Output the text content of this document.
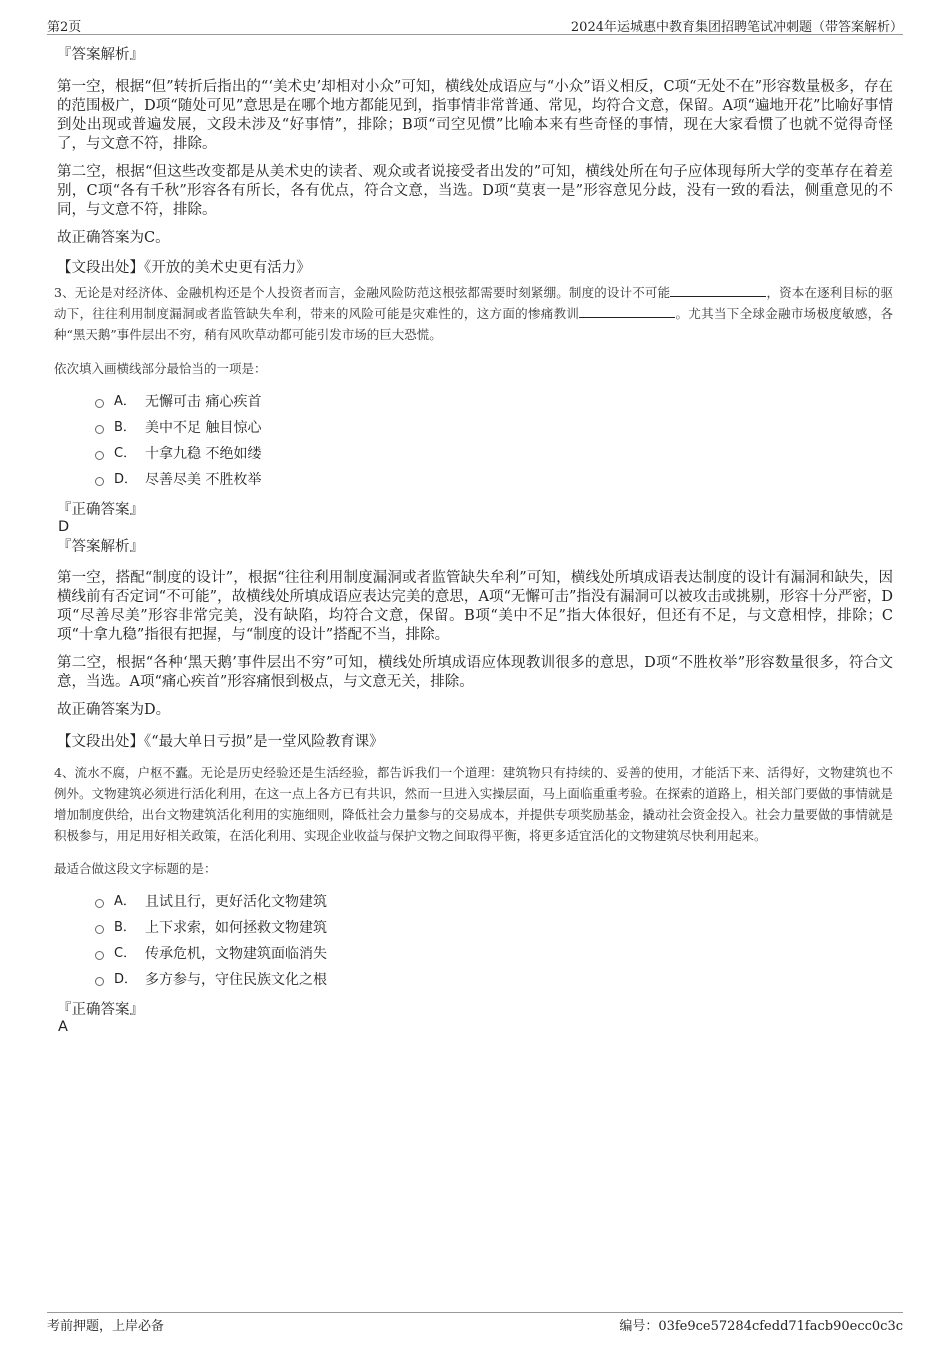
第2页	2024年运城惠中教育集团招聘笔试冲刺题（带答案解析）

『答案解析』

第一空，根据“但”转折后指出的“‘美术史’却相对小众”可知，横线处成语应与“小众”语义相反，C项“无处不在”形容数量极多，存在的范围极广，D项“随处可见”意思是在哪个地方都能见到，指事情非常普通、常见，均符合文意，保留。A项“遍地开花”比喻好事情到处出现或普遍发展，文段未涉及“好事情”，排除；B项“司空见惯”比喻本来有些奇怪的事情，现在大家看惯了也就不觉得奇怪了，与文意不符，排除。

第二空，根据“但这些改变都是从美术史的读者、观众或者说接受者出发的”可知，横线处所在句子应体现每所大学的变革存在着差别，C项“各有千秋”形容各有所长，各有优点，符合文意，当选。D项“莫衷一是”形容意见分歧，没有一致的看法，侧重意见的不同，与文意不符，排除。

故正确答案为C。

【文段出处】《开放的美术史更有活力》

3、无论是对经济体、金融机构还是个人投资者而言，金融风险防范这根弦都需要时刻紧绷。制度的设计不可能	，资本在逐利目标的驱动下，往往利用制度漏洞或者监管缺失牟利，带来的风险可能是灾难性的，这方面的惨痛教训	。尤其当下全球金融市场极度敏感，各种“黑天鹅”事件层出不穷，稍有风吹草动都可能引发市场的巨大恐慌。

依次填入画横线部分最恰当的一项是：

A． 无懈可击 痛心疾首
B． 美中不足 触目惊心
C． 十拿九稳 不绝如缕
D． 尽善尽美 不胜枚举

『正确答案』

D

『答案解析』

第一空，搭配“制度的设计”，根据“往往利用制度漏洞或者监管缺失牟利”可知，横线处所填成语表达制度的设计有漏洞和缺失，因横线前有否定词“不可能”，故横线处所填成语应表达完美的意思，A项“无懈可击”指没有漏洞可以被攻击或挑剔，形容十分严密，D项“尽善尽美”形容非常完美，没有缺陷，均符合文意，保留。B项“美中不足”指大体很好，但还有不足，与文意相悖，排除；C项“十拿九稳”指很有把握，与“制度的设计”搭配不当，排除。

第二空，根据“各种‘黑天鹅’事件层出不穷”可知，横线处所填成语应体现教训很多的意思，D项“不胜枚举”形容数量很多，符合文意，当选。A项“痛心疾首”形容痛恨到极点，与文意无关，排除。

故正确答案为D。

【文段出处】《“最大单日亏损”是一堂风险教育课》

4、流水不腐，户枢不蠹。无论是历史经验还是生活经验，都告诉我们一个道理：建筑物只有持续的、妥善的使用，才能活下来、活得好，文物建筑也不例外。文物建筑必须进行活化利用，在这一点上各方已有共识，然而一旦进入实操层面，马上面临重重考验。在探索的道路上，相关部门要做的事情就是增加制度供给，出台文物建筑活化利用的实施细则，降低社会力量参与的交易成本，并提供专项奖励基金，撬动社会资金投入。社会力量要做的事情就是积极参与，用足用好相关政策，在活化利用、实现企业收益与保护文物之间取得平衡，将更多适宜活化的文物建筑尽快利用起来。

最适合做这段文字标题的是：

A． 且试且行，更好活化文物建筑
B． 上下求索，如何拯救文物建筑
C． 传承危机，文物建筑面临消失
D． 多方参与，守住民族文化之根

『正确答案』

A

考前押题，上岸必备	编号：03fe9ce57284cfedd71facb90ecc0c3c
